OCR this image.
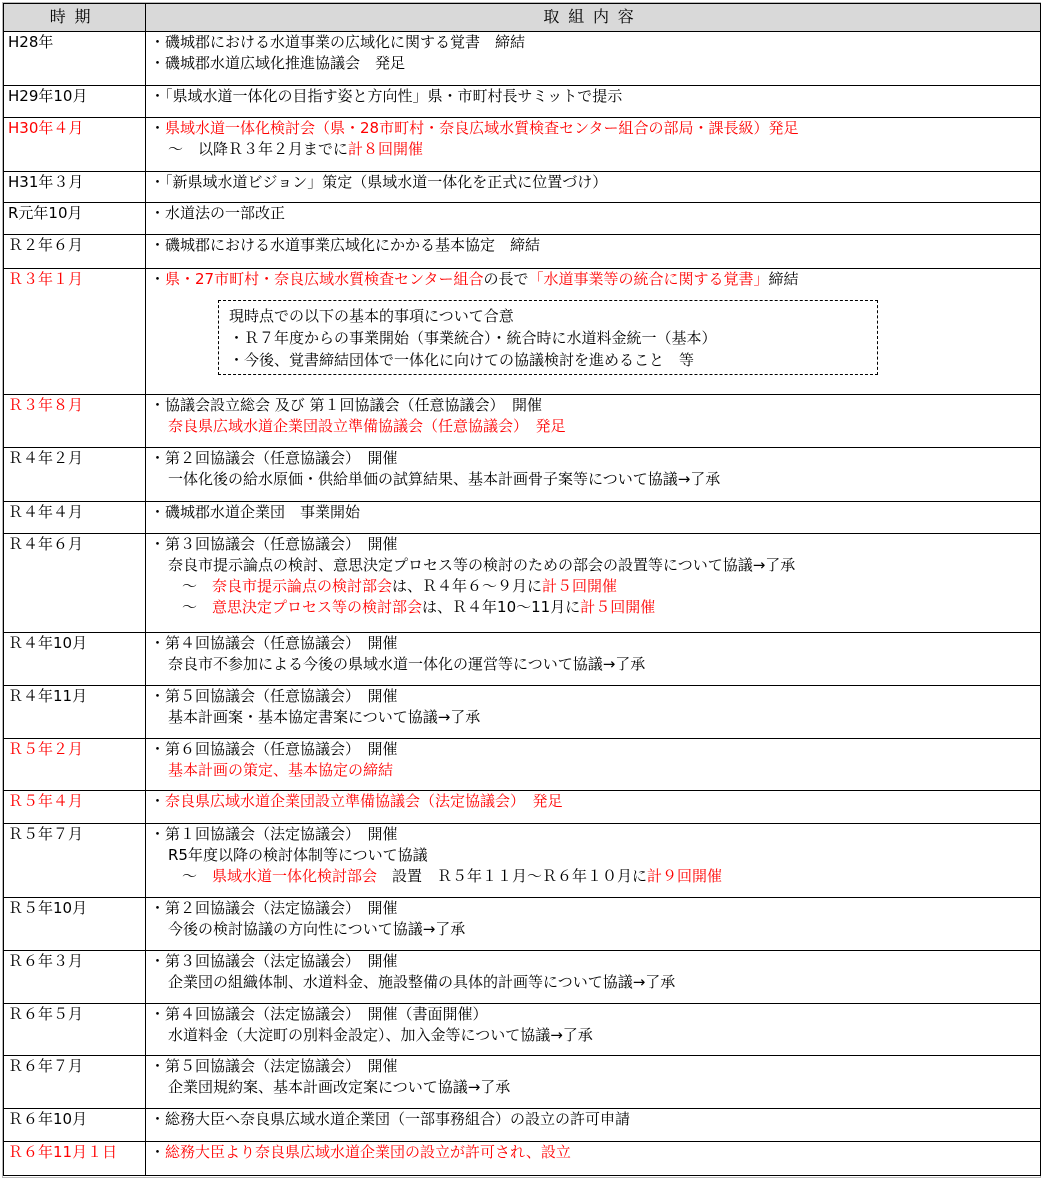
時期	取組内容
H28年	・磯城郡における水道事業の広域化に関する覚書　締結
・磯城郡水道広域化推進協議会　発足

H29年10月	・「県域水道一体化の目指す姿と方向性」県・市町村長サミットで提示

H30年４月	・県域水道一体化検討会（県・28市町村・奈良広域水質検査センター組合の部局・課長級）発足
～　以降Ｒ３年２月までに計８回開催

H31年３月	・「新県域水道ビジョン」策定（県域水道一体化を正式に位置づけ）

R元年10月	・水道法の一部改正

Ｒ２年６月	・磯城郡における水道事業広域化にかかる基本協定　締結

Ｒ３年１月	・県・27市町村・奈良広域水質検査センター組合の長で「水道事業等の統合に関する覚書」締結
現時点での以下の基本的事項について合意
・Ｒ７年度からの事業開始（事業統合）・統合時に水道料金統一（基本）
・今後、覚書締結団体で一体化に向けての協議検討を進めること　等

Ｒ３年８月	・協議会設立総会 及び 第１回協議会（任意協議会）　開催
奈良県広域水道企業団設立準備協議会（任意協議会）　発足

Ｒ４年２月	・第２回協議会（任意協議会）　開催
一体化後の給水原価・供給単価の試算結果、基本計画骨子案等について協議→了承

Ｒ４年４月	・磯城郡水道企業団　事業開始

Ｒ４年６月	・第３回協議会（任意協議会）　開催
奈良市提示論点の検討、意思決定プロセス等の検討のための部会の設置等について協議→了承
～　奈良市提示論点の検討部会は、Ｒ４年６～９月に計５回開催
～　意思決定プロセス等の検討部会は、Ｒ４年10～11月に計５回開催

Ｒ４年10月	・第４回協議会（任意協議会）　開催
奈良市不参加による今後の県域水道一体化の運営等について協議→了承

Ｒ４年11月	・第５回協議会（任意協議会）　開催
基本計画案・基本協定書案について協議→了承

Ｒ５年２月	・第６回協議会（任意協議会）　開催
基本計画の策定、基本協定の締結

Ｒ５年４月	・奈良県広域水道企業団設立準備協議会（法定協議会）　発足

Ｒ５年７月	・第１回協議会（法定協議会）　開催
R5年度以降の検討体制等について協議
～　県域水道一体化検討部会　設置　Ｒ５年１１月～Ｒ６年１０月に計９回開催

Ｒ５年10月	・第２回協議会（法定協議会）　開催
今後の検討協議の方向性について協議→了承

Ｒ６年３月	・第３回協議会（法定協議会）　開催
企業団の組織体制、水道料金、施設整備の具体的計画等について協議→了承

Ｒ６年５月	・第４回協議会（法定協議会）　開催（書面開催）
水道料金（大淀町の別料金設定）、加入金等について協議→了承

Ｒ６年７月	・第５回協議会（法定協議会）　開催
企業団規約案、基本計画改定案について協議→了承

Ｒ６年10月	・総務大臣へ奈良県広域水道企業団（一部事務組合）の設立の許可申請

Ｒ６年11月１日	・総務大臣より奈良県広域水道企業団の設立が許可され、設立
